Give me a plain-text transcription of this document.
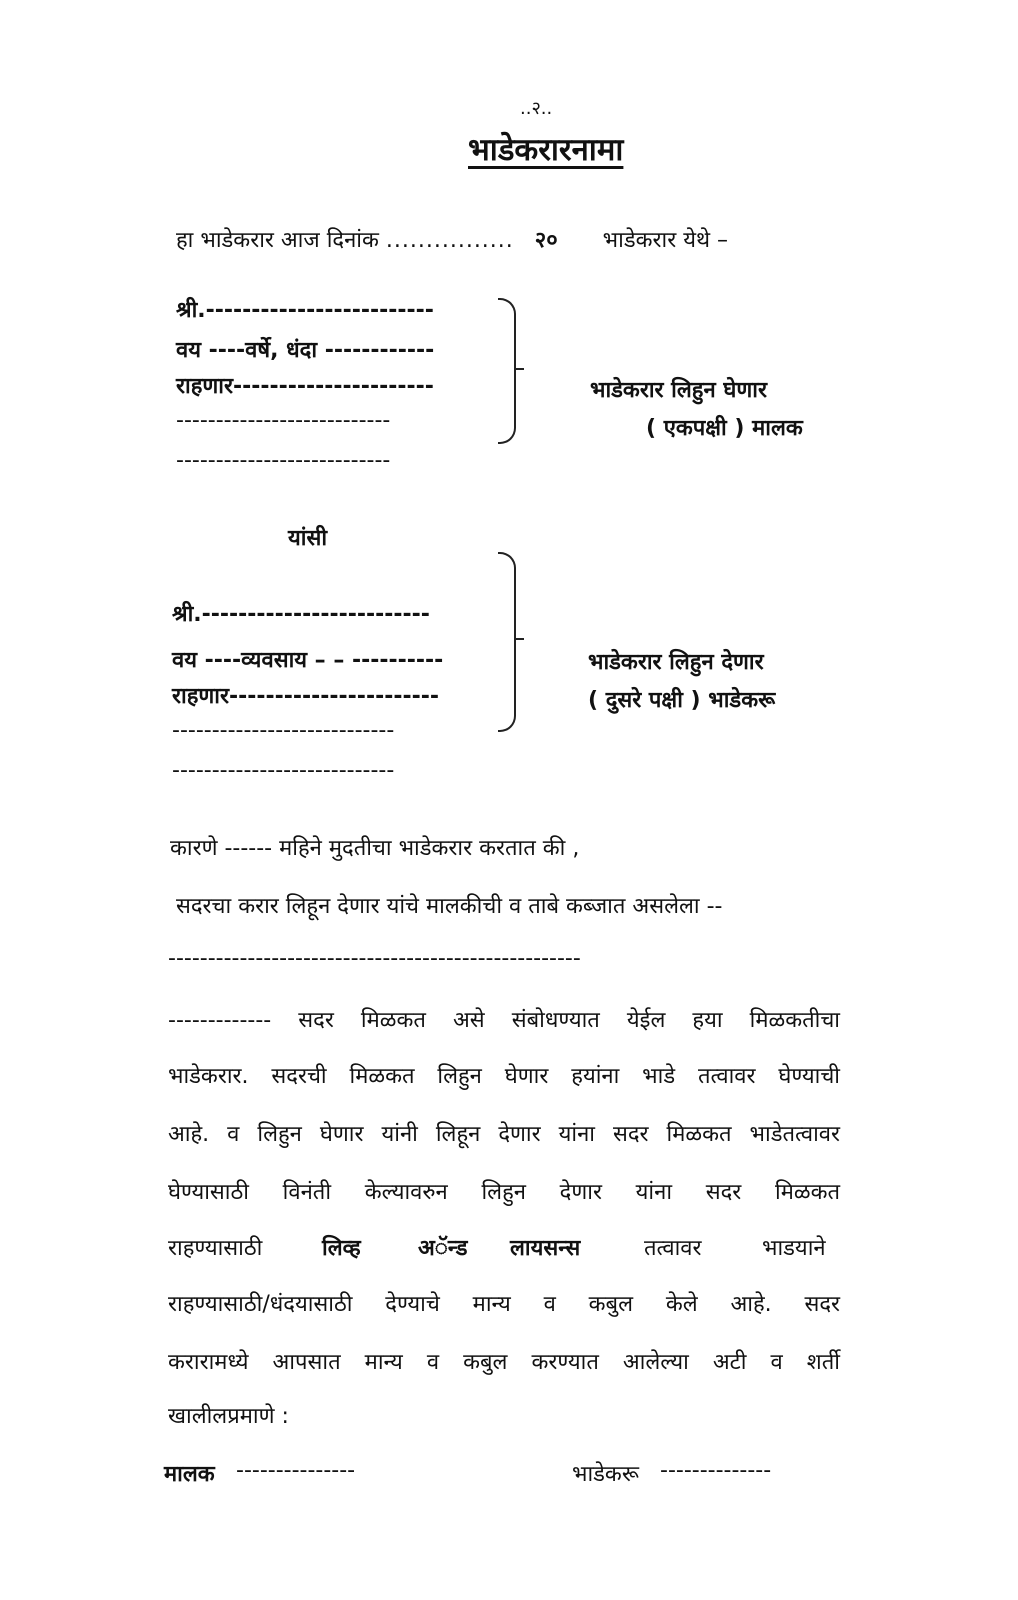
..२..
भाडेकरारनामा
हा भाडेकरार आज दिनांक ................ २० भाडेकरार येथे –
श्री.-------------------------
वय ----वर्षे, धंदा ------------
राहणार----------------------
---------------------------
---------------------------
भाडेकरार लिहुन घेणार
( एकपक्षी ) मालक
यांसी
श्री.-------------------------
वय ----व्यवसाय – – ----------
राहणार-----------------------
----------------------------
----------------------------
भाडेकरार लिहुन देणार
( दुसरे पक्षी ) भाडेकरू
कारणे ------ महिने मुदतीचा भाडेकरार करतात की ,
सदरचा करार लिहून देणार यांचे मालकीची व ताबे कब्जात असलेला --
----------------------------------------------------
------------- सदर मिळकत असे संबोधण्यात येईल हया मिळकतीचा
भाडेकरार. सदरची मिळकत लिहुन घेणार हयांना भाडे तत्वावर घेण्याची
आहे. व लिहुन घेणार यांनी लिहून देणार यांना सदर मिळकत भाडेतत्वावर
घेण्यासाठी विनंती केल्यावरुन लिहुन देणार यांना सदर मिळकत
राहण्यासाठी	लिव्ह	अॅन्ड लायसन्स	तत्वावर	भाडयाने
राहण्यासाठी/धंदयासाठी देण्याचे मान्य व कबुल केले आहे. सदर
करारामध्ये आपसात मान्य व कबुल करण्यात आलेल्या अटी व शर्ती
खालीलप्रमाणे :
मालक ---------------	भाडेकरू --------------
